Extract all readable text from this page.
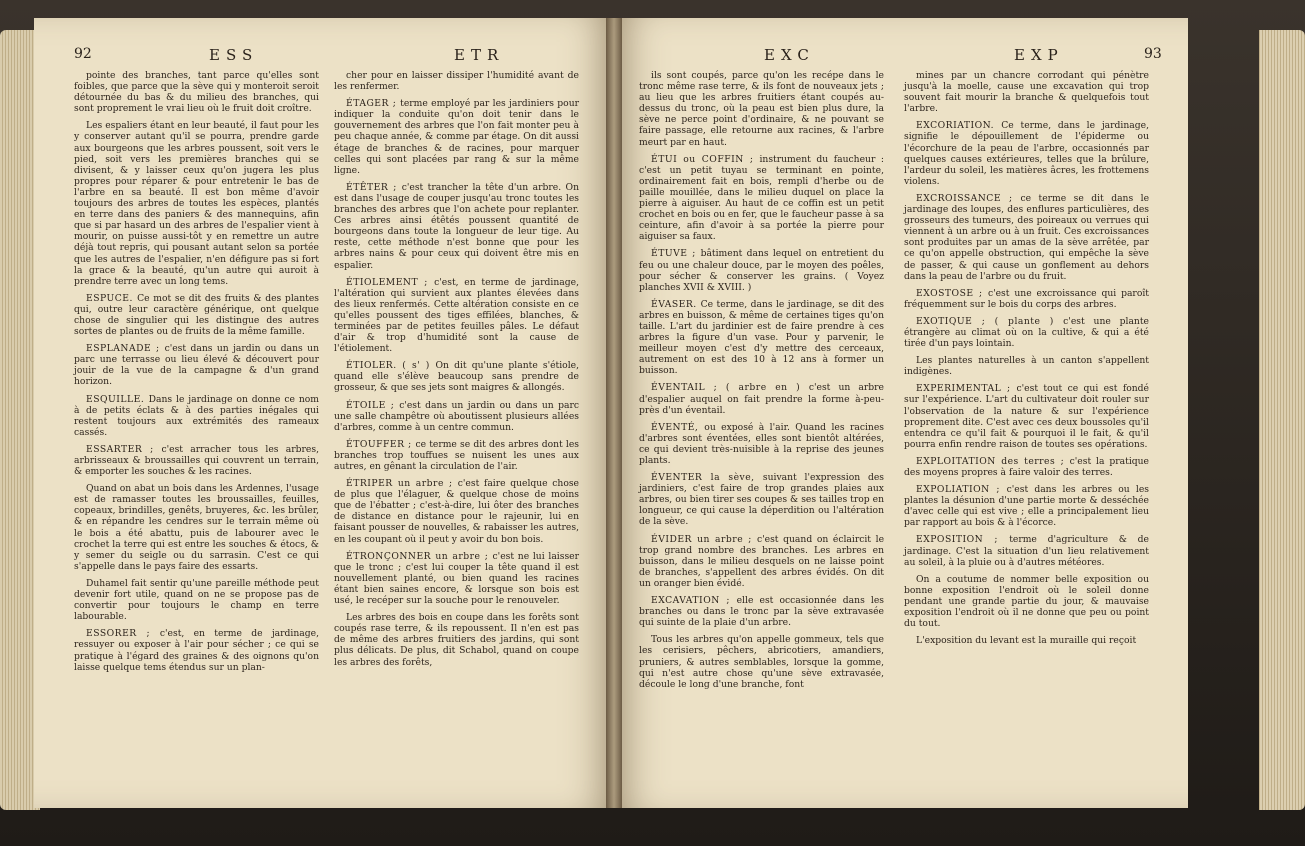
92	ESS	ETR

pointe des branches, tant parce qu'elles sont foibles, que parce que la sève qui y monteroit seroit détournée du bas & du milieu des branches, qui sont proprement le vrai lieu où le fruit doit croître.

Les espaliers étant en leur beauté, il faut pour les y conserver autant qu'il se pourra, prendre garde aux bourgeons que les arbres poussent, soit vers le pied, soit vers les premières branches qui se divisent, & y laisser ceux qu'on jugera les plus propres pour réparer & pour entretenir le bas de l'arbre en sa beauté. Il est bon même d'avoir toujours des arbres de toutes les espèces, plantés en terre dans des paniers & des mannequins, afin que si par hasard un des arbres de l'espalier vient à mourir, on puisse aussi-tôt y en remettre un autre déjà tout repris, qui pousant autant selon sa portée que les autres de l'espalier, n'en défigure pas si fort la grace & la beauté, qu'un autre qui auroit à prendre terre avec un long tems.

ESPUCE. Ce mot se dit des fruits & des plantes qui, outre leur caractère générique, ont quelque chose de singulier qui les distingue des autres sortes de plantes ou de fruits de la même famille.

ESPLANADE ; c'est dans un jardin ou dans un parc une terrasse ou lieu élevé & découvert pour jouir de la vue de la campagne & d'un grand horizon.

ESQUILLE. Dans le jardinage on donne ce nom à de petits éclats & à des parties inégales qui restent toujours aux extrémités des rameaux cassés.

ESSARTER ; c'est arracher tous les arbres, arbrisseaux & broussailles qui couvrent un terrain, & emporter les souches & les racines.

Quand on abat un bois dans les Ardennes, l'usage est de ramasser toutes les broussailles, feuilles, copeaux, brindilles, genêts, bruyeres, &c. les brûler, & en répandre les cendres sur le terrain même où le bois a été abattu, puis de labourer avec le crochet la terre qui est entre les souches & étocs, & y semer du seigle ou du sarrasin. C'est ce qui s'appelle dans le pays faire des essarts.

Duhamel fait sentir qu'une pareille méthode peut devenir fort utile, quand on ne se propose pas de convertir pour toujours le champ en terre labourable.

ESSORER ; c'est, en terme de jardinage, ressuyer ou exposer à l'air pour sécher ; ce qui se pratique à l'égard des graines & des oignons qu'on laisse quelque tems étendus sur un plan-

cher pour en laisser dissiper l'humidité avant de les renfermer.

ÉTAGER ; terme employé par les jardiniers pour indiquer la conduite qu'on doit tenir dans le gouvernement des arbres que l'on fait monter peu à peu chaque année, & comme par étage. On dit aussi étage de branches & de racines, pour marquer celles qui sont placées par rang & sur la même ligne.

ÉTÊTER ; c'est trancher la tête d'un arbre. On est dans l'usage de couper jusqu'au tronc toutes les branches des arbres que l'on achete pour replanter. Ces arbres ainsi étêtés poussent quantité de bourgeons dans toute la longueur de leur tige. Au reste, cette méthode n'est bonne que pour les arbres nains & pour ceux qui doivent être mis en espalier.

ÉTIOLEMENT ; c'est, en terme de jardinage, l'altération qui survient aux plantes élevées dans des lieux renfermés. Cette altération consiste en ce qu'elles poussent des tiges effilées, blanches, & terminées par de petites feuilles pâles. Le défaut d'air & trop d'humidité sont la cause de l'étiolement.

ÉTIOLER. ( s' ) On dit qu'une plante s'étiole, quand elle s'élève beaucoup sans prendre de grosseur, & que ses jets sont maigres & allongés.

ÉTOILE ; c'est dans un jardin ou dans un parc une salle champêtre où aboutissent plusieurs allées d'arbres, comme à un centre commun.

ÉTOUFFER ; ce terme se dit des arbres dont les branches trop touffues se nuisent les unes aux autres, en gênant la circulation de l'air.

ÉTRIPER un arbre ; c'est faire quelque chose de plus que l'élaguer, & quelque chose de moins que de l'ébatter ; c'est-à-dire, lui ôter des branches de distance en distance pour le rajeunir, lui en faisant pousser de nouvelles, & rabaisser les autres, en les coupant où il peut y avoir du bon bois.

ÉTRONÇONNER un arbre ; c'est ne lui laisser que le tronc ; c'est lui couper la tête quand il est nouvellement planté, ou bien quand les racines étant bien saines encore, & lorsque son bois est usé, le recéper sur la souche pour le renouveler.

Les arbres des bois en coupe dans les forêts sont coupés rase terre, & ils repoussent. Il n'en est pas de même des arbres fruitiers des jardins, qui sont plus délicats. De plus, dit Schabol, quand on coupe les arbres des forêts,

EXC	EXP	93

ils sont coupés, parce qu'on les recépe dans le tronc même rase terre, & ils font de nouveaux jets ; au lieu que les arbres fruitiers étant coupés au-dessus du tronc, où la peau est bien plus dure, la sève ne perce point d'ordinaire, & ne pouvant se faire passage, elle retourne aux racines, & l'arbre meurt par en haut.

ÉTUI ou COFFIN ; instrument du faucheur : c'est un petit tuyau se terminant en pointe, ordinairement fait en bois, rempli d'herbe ou de paille mouillée, dans le milieu duquel on place la pierre à aiguiser. Au haut de ce coffin est un petit crochet en bois ou en fer, que le faucheur passe à sa ceinture, afin d'avoir à sa portée la pierre pour aiguiser sa faux.

ÉTUVE ; bâtiment dans lequel on entretient du feu ou une chaleur douce, par le moyen des poêles, pour sécher & conserver les grains. ( Voyez planches XVII & XVIII. )

ÉVASER. Ce terme, dans le jardinage, se dit des arbres en buisson, & même de certaines tiges qu'on taille. L'art du jardinier est de faire prendre à ces arbres la figure d'un vase. Pour y parvenir, le meilleur moyen c'est d'y mettre des cerceaux, autrement on est des 10 à 12 ans à former un buisson.

ÉVENTAIL ; ( arbre en ) c'est un arbre d'espalier auquel on fait prendre la forme à-peu-près d'un éventail.

ÉVENTÉ, ou exposé à l'air. Quand les racines d'arbres sont éventées, elles sont bientôt altérées, ce qui devient très-nuisible à la reprise des jeunes plants.

ÉVENTER la sève, suivant l'expression des jardiniers, c'est faire de trop grandes plaies aux arbres, ou bien tirer ses coupes & ses tailles trop en longueur, ce qui cause la déperdition ou l'altération de la sève.

ÉVIDER un arbre ; c'est quand on éclaircit le trop grand nombre des branches. Les arbres en buisson, dans le milieu desquels on ne laisse point de branches, s'appellent des arbres évidés. On dit un oranger bien évidé.

EXCAVATION ; elle est occasionnée dans les branches ou dans le tronc par la sève extravasée qui suinte de la plaie d'un arbre.

Tous les arbres qu'on appelle gommeux, tels que les cerisiers, pêchers, abricotiers, amandiers, pruniers, & autres semblables, lorsque la gomme, qui n'est autre chose qu'une sève extravasée, découle le long d'une branche, font

mines par un chancre corrodant qui pénètre jusqu'à la moelle, cause une excavation qui trop souvent fait mourir la branche & quelquefois tout l'arbre.

EXCORIATION. Ce terme, dans le jardinage, signifie le dépouillement de l'épiderme ou l'écorchure de la peau de l'arbre, occasionnés par quelques causes extérieures, telles que la brûlure, l'ardeur du soleil, les matières âcres, les frottemens violens.

EXCROISSANCE ; ce terme se dit dans le jardinage des loupes, des enflures particulières, des grosseurs des tumeurs, des poireaux ou verrues qui viennent à un arbre ou à un fruit. Ces excroissances sont produites par un amas de la sève arrêtée, par ce qu'on appelle obstruction, qui empêche la sève de passer, & qui cause un gonflement au dehors dans la peau de l'arbre ou du fruit.

EXOSTOSE ; c'est une excroissance qui paroît fréquemment sur le bois du corps des arbres.

EXOTIQUE ; ( plante ) c'est une plante étrangère au climat où on la cultive, & qui a été tirée d'un pays lointain.

Les plantes naturelles à un canton s'appellent indigènes.

EXPERIMENTAL ; c'est tout ce qui est fondé sur l'expérience. L'art du cultivateur doit rouler sur l'observation de la nature & sur l'expérience proprement dite. C'est avec ces deux boussoles qu'il entendra ce qu'il fait & pourquoi il le fait, & qu'il pourra enfin rendre raison de toutes ses opérations.

EXPLOITATION des terres ; c'est la pratique des moyens propres à faire valoir des terres.

EXPOLIATION ; c'est dans les arbres ou les plantes la désunion d'une partie morte & desséchée d'avec celle qui est vive ; elle a principalement lieu par rapport au bois & à l'écorce.

EXPOSITION ; terme d'agriculture & de jardinage. C'est la situation d'un lieu relativement au soleil, à la pluie ou à d'autres météores.

On a coutume de nommer belle exposition ou bonne exposition l'endroit où le soleil donne pendant une grande partie du jour, & mauvaise exposition l'endroit où il ne donne que peu ou point du tout.

L'exposition du levant est la muraille qui reçoit
